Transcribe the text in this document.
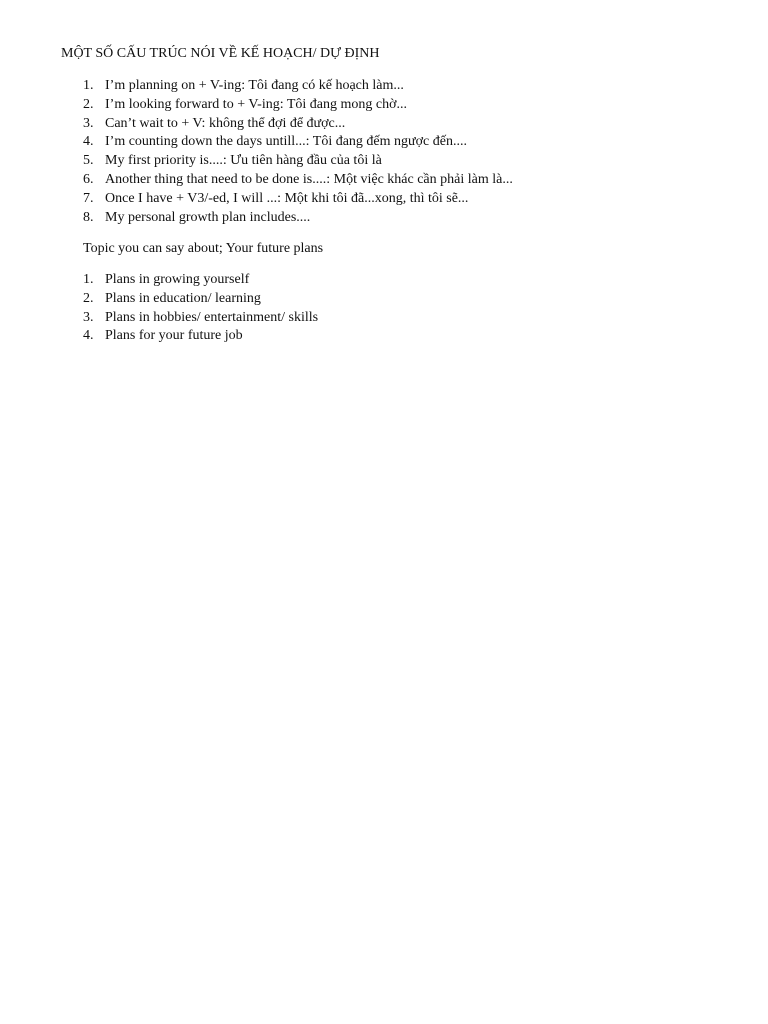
MỘT SỐ CẤU TRÚC NÓI VỀ KẾ HOẠCH/ DỰ ĐỊNH
1. I’m planning on + V-ing: Tôi đang có kế hoạch làm...
2. I’m looking forward to + V-ing: Tôi đang mong chờ...
3. Can’t wait to + V: không thể đợi để được...
4. I’m counting down the days untill...: Tôi đang đếm ngược đến....
5. My first priority is....: Ưu tiên hàng đầu của tôi là
6. Another thing that need to be done is....: Một việc khác cần phải làm là...
7. Once I have + V3/-ed, I will ...: Một khi tôi đã...xong, thì tôi sẽ...
8. My personal growth plan includes....
Topic you can say about; Your future plans
1. Plans in growing yourself
2. Plans in education/ learning
3. Plans in hobbies/ entertainment/ skills
4. Plans for your future job
